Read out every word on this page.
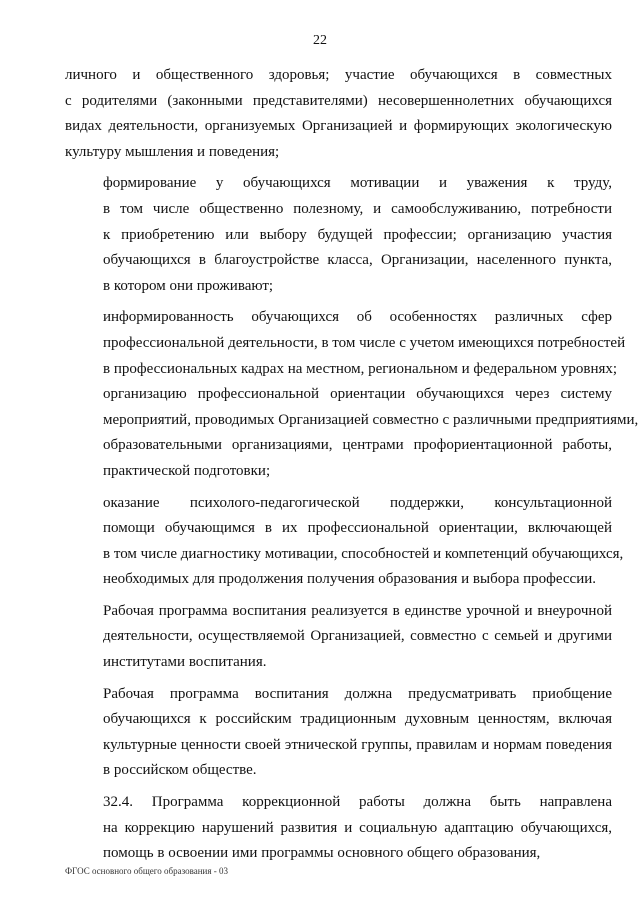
22

личного и общественного здоровья; участие обучающихся в совместных
с родителями (законными представителями) несовершеннолетних обучающихся
видах деятельности, организуемых Организацией и формирующих экологическую
культуру мышления и поведения;

формирование у обучающихся мотивации и уважения к труду,
в том числе общественно полезному, и самообслуживанию, потребности
к приобретению или выбору будущей профессии; организацию участия
обучающихся в благоустройстве класса, Организации, населенного пункта,
в котором они проживают;

информированность обучающихся об особенностях различных сфер
профессиональной деятельности, в том числе с учетом имеющихся потребностей
в профессиональных кадрах на местном, региональном и федеральном уровнях;
организацию профессиональной ориентации обучающихся через систему
мероприятий, проводимых Организацией совместно с различными предприятиями,
образовательными организациями, центрами профориентационной работы,
практической подготовки;

оказание психолого-педагогической поддержки, консультационной
помощи обучающимся в их профессиональной ориентации, включающей
в том числе диагностику мотивации, способностей и компетенций обучающихся,
необходимых для продолжения получения образования и выбора профессии.

Рабочая программа воспитания реализуется в единстве урочной и внеурочной
деятельности, осуществляемой Организацией, совместно с семьей и другими
институтами воспитания.

Рабочая программа воспитания должна предусматривать приобщение
обучающихся к российским традиционным духовным ценностям, включая
культурные ценности своей этнической группы, правилам и нормам поведения
в российском обществе.

32.4. Программа коррекционной работы должна быть направлена
на коррекцию нарушений развития и социальную адаптацию обучающихся,
помощь в освоении ими программы основного общего образования,

ФГОС основного общего образования - 03
